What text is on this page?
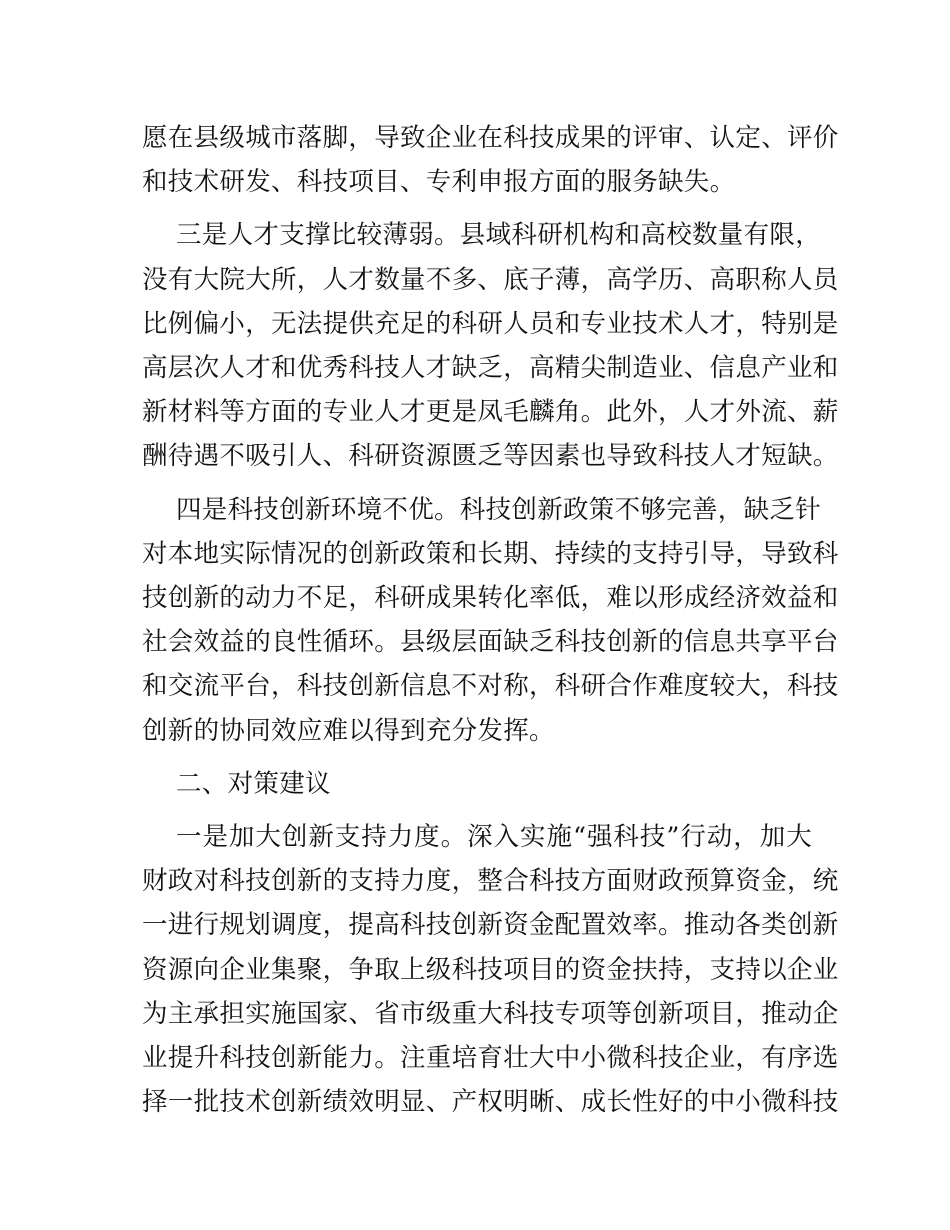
愿在县级城市落脚，导致企业在科技成果的评审、认定、评价
和技术研发、科技项目、专利申报方面的服务缺失。
三是人才支撑比较薄弱。县域科研机构和高校数量有限，
没有大院大所，人才数量不多、底子薄，高学历、高职称人员
比例偏小，无法提供充足的科研人员和专业技术人才，特别是
高层次人才和优秀科技人才缺乏，高精尖制造业、信息产业和
新材料等方面的专业人才更是凤毛麟角。此外，人才外流、薪
酬待遇不吸引人、科研资源匮乏等因素也导致科技人才短缺。
四是科技创新环境不优。科技创新政策不够完善，缺乏针
对本地实际情况的创新政策和长期、持续的支持引导，导致科
技创新的动力不足，科研成果转化率低，难以形成经济效益和
社会效益的良性循环。县级层面缺乏科技创新的信息共享平台
和交流平台，科技创新信息不对称，科研合作难度较大，科技
创新的协同效应难以得到充分发挥。
二、对策建议
一是加大创新支持力度。深入实施“强科技”行动，加大
财政对科技创新的支持力度，整合科技方面财政预算资金，统
一进行规划调度，提高科技创新资金配置效率。推动各类创新
资源向企业集聚，争取上级科技项目的资金扶持，支持以企业
为主承担实施国家、省市级重大科技专项等创新项目，推动企
业提升科技创新能力。注重培育壮大中小微科技企业，有序选
择一批技术创新绩效明显、产权明晰、成长性好的中小微科技
